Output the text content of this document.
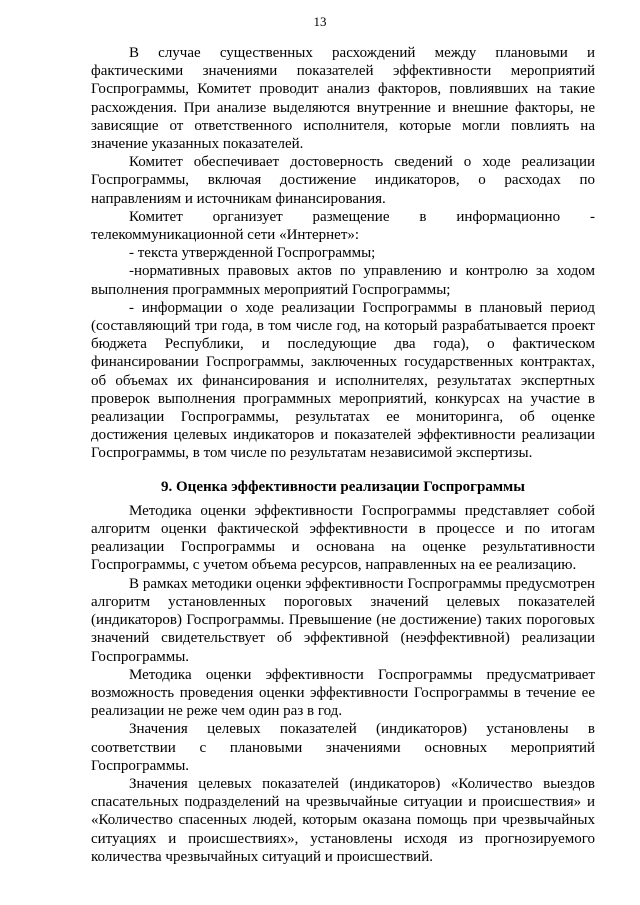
13

В случае существенных расхождений между плановыми и фактическими значениями показателей эффективности мероприятий Госпрограммы, Комитет проводит анализ факторов, повлиявших на такие расхождения. При анализе выделяются внутренние и внешние факторы, не зависящие от ответственного исполнителя, которые могли повлиять на значение указанных показателей.

Комитет обеспечивает достоверность сведений о ходе реализации Госпрограммы, включая достижение индикаторов, о расходах по направлениям и источникам финансирования.

Комитет организует размещение в информационно - телекоммуникационной сети «Интернет»:

- текста утвержденной Госпрограммы;

-нормативных правовых актов по управлению и контролю за ходом выполнения программных мероприятий Госпрограммы;

- информации о ходе реализации Госпрограммы в плановый период (составляющий три года, в том числе год, на который разрабатывается проект бюджета Республики, и последующие два года), о фактическом финансировании Госпрограммы, заключенных государственных контрактах, об объемах их финансирования и исполнителях, результатах экспертных проверок выполнения программных мероприятий, конкурсах на участие в реализации Госпрограммы, результатах ее мониторинга, об оценке достижения целевых индикаторов и показателей эффективности реализации Госпрограммы, в том числе по результатам независимой экспертизы.

9. Оценка эффективности реализации Госпрограммы

Методика оценки эффективности Госпрограммы представляет собой алгоритм оценки фактической эффективности в процессе и по итогам реализации Госпрограммы и основана на оценке результативности Госпрограммы, с учетом объема ресурсов, направленных на ее реализацию.

В рамках методики оценки эффективности Госпрограммы предусмотрен алгоритм установленных пороговых значений целевых показателей (индикаторов) Госпрограммы. Превышение (не достижение) таких пороговых значений свидетельствует об эффективной (неэффективной) реализации Госпрограммы.

Методика оценки эффективности Госпрограммы предусматривает возможность проведения оценки эффективности Госпрограммы в течение ее реализации не реже чем один раз в год.

Значения целевых показателей (индикаторов) установлены в соответствии с плановыми значениями основных мероприятий Госпрограммы.

Значения целевых показателей (индикаторов) «Количество выездов спасательных подразделений на чрезвычайные ситуации и происшествия» и «Количество спасенных людей, которым оказана помощь при чрезвычайных ситуациях и происшествиях», установлены исходя из прогнозируемого количества чрезвычайных ситуаций и происшествий.
